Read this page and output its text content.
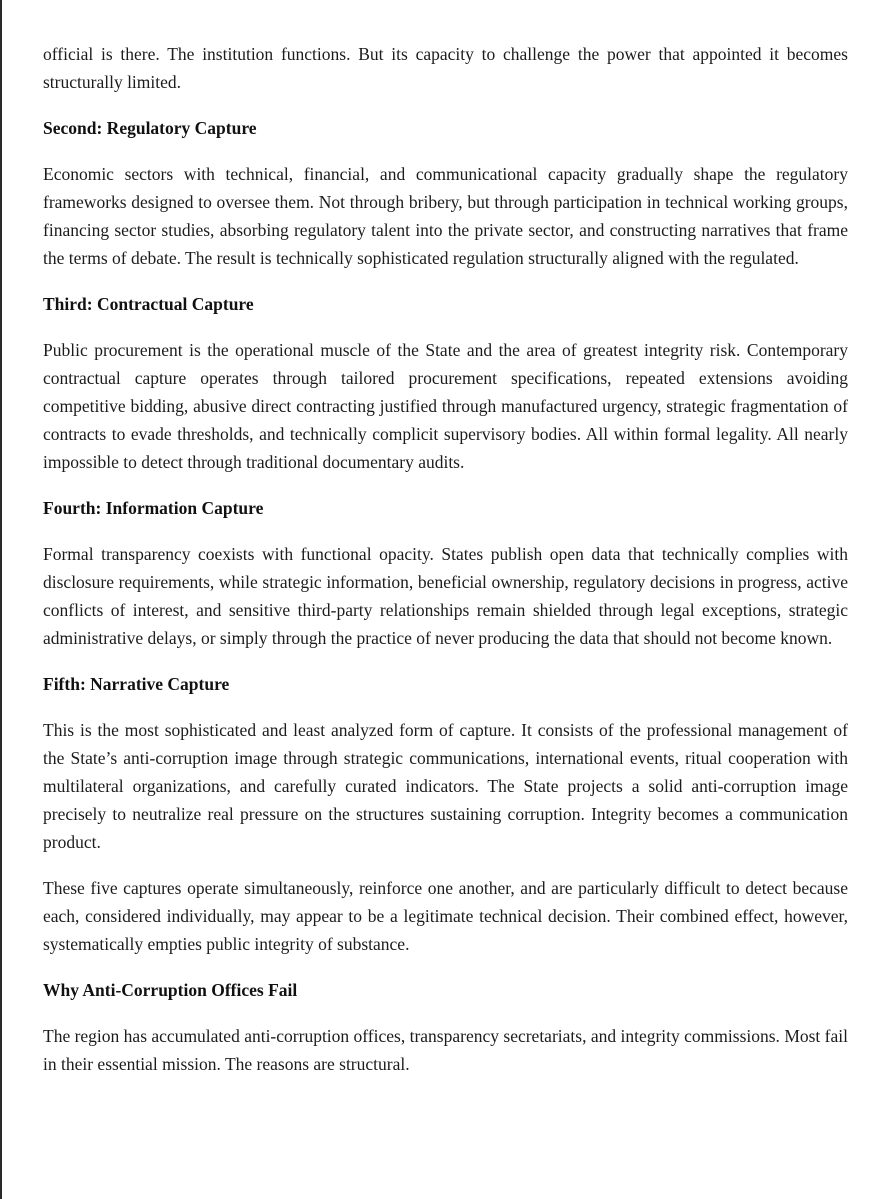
official is there. The institution functions. But its capacity to challenge the power that appointed it becomes structurally limited.

Second: Regulatory Capture

Economic sectors with technical, financial, and communicational capacity gradually shape the regulatory frameworks designed to oversee them. Not through bribery, but through participation in technical working groups, financing sector studies, absorbing regulatory talent into the private sector, and constructing narratives that frame the terms of debate. The result is technically sophisticated regulation structurally aligned with the regulated.

Third: Contractual Capture

Public procurement is the operational muscle of the State and the area of greatest integrity risk. Contemporary contractual capture operates through tailored procurement specifications, repeated extensions avoiding competitive bidding, abusive direct contracting justified through manufactured urgency, strategic fragmentation of contracts to evade thresholds, and technically complicit supervisory bodies. All within formal legality. All nearly impossible to detect through traditional documentary audits.

Fourth: Information Capture

Formal transparency coexists with functional opacity. States publish open data that technically complies with disclosure requirements, while strategic information, beneficial ownership, regulatory decisions in progress, active conflicts of interest, and sensitive third-party relationships remain shielded through legal exceptions, strategic administrative delays, or simply through the practice of never producing the data that should not become known.

Fifth: Narrative Capture

This is the most sophisticated and least analyzed form of capture. It consists of the professional management of the State’s anti-corruption image through strategic communications, international events, ritual cooperation with multilateral organizations, and carefully curated indicators. The State projects a solid anti-corruption image precisely to neutralize real pressure on the structures sustaining corruption. Integrity becomes a communication product.

These five captures operate simultaneously, reinforce one another, and are particularly difficult to detect because each, considered individually, may appear to be a legitimate technical decision. Their combined effect, however, systematically empties public integrity of substance.

Why Anti-Corruption Offices Fail

The region has accumulated anti-corruption offices, transparency secretariats, and integrity commissions. Most fail in their essential mission. The reasons are structural.
